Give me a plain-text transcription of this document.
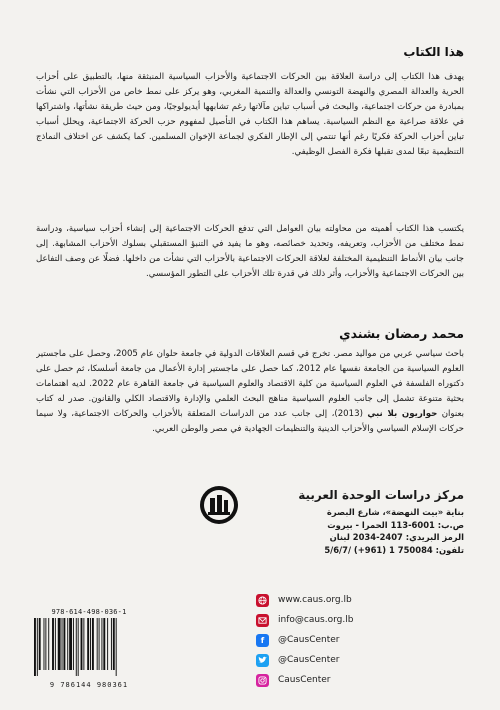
هذا الكتاب
يهدف هذا الكتاب إلى دراسة العلاقة بين الحركات الاجتماعية والأحزاب السياسية المنبثقة منها، بالتطبيق على أحزاب الحرية والعدالة المصري والنهضة التونسي والعدالة والتنمية المغربي، وهو يركز على نمط خاص من الأحزاب التي نشأت بمبادرة من حركات اجتماعية، والبحث في أسباب تباين مآلاتها رغم تشابهها أيديولوجيًا، ومن حيث طريقة نشأتها، واشتراكها في علاقة صراعية مع النظم السياسية. يساهم هذا الكتاب في التأصيل لمفهوم حزب الحركة الاجتماعية، ويحلل أسباب تباين أحزاب الحركة فكريًا رغم أنها تنتمي إلى الإطار الفكري لجماعة الإخوان المسلمين. كما يكشف عن اختلاف النماذج التنظيمية تبعًا لمدى تقبلها فكرة الفصل الوظيفي.
يكتسب هذا الكتاب أهميته من محاولته بيان العوامل التي تدفع الحركات الاجتماعية إلى إنشاء أحزاب سياسية، ودراسة نمط مختلف من الأحزاب، وتعريفه، وتحديد خصائصه، وهو ما يفيد في التنبؤ المستقبلي بسلوك الأحزاب المشابهة. إلى جانب بيان الأنماط التنظيمية المختلفة لعلاقة الحركات الاجتماعية بالأحزاب التي نشأت من داخلها. فضلًا عن وصف التفاعل بين الحركات الاجتماعية والأحزاب، وأثر ذلك في قدرة تلك الأحزاب على التطور المؤسسي.
محمد رمضان بشندي
باحث سياسي عربي من مواليد مصر. تخرج في قسم العلاقات الدولية في جامعة حلوان عام 2005، وحصل على ماجستير العلوم السياسية من الجامعة نفسها عام 2012، كما حصل على ماجستير إدارة الأعمال من جامعة أسلسكا، ثم حصل على دكتوراه الفلسفة في العلوم السياسية من كلية الاقتصاد والعلوم السياسية في جامعة القاهرة عام 2022. لديه اهتمامات بحثية متنوعة تشمل إلى جانب العلوم السياسية مناهج البحث العلمي والإدارة والاقتصاد الكلي والقانون. صدر له كتاب بعنوان حواريون بلا نبي (2013)، إلى جانب عدد من الدراسات المتعلقة بالأحزاب والحركات الاجتماعية، ولا سيما حركات الإسلام السياسي والأحزاب الدينية والتنظيمات الجهادية في مصر والوطن العربي.
مركز دراسات الوحدة العربية
بناية «بيت النهضة»، شارع البصرة
ص.ب: 6001-113 الحمرا - بيروت
الرمز البريدي: 2407-2034 لبنان
تلفون: 750084 1 (961+) /5/6/7
www.caus.org.lb
info@caus.org.lb
f	@CausCenter
@CausCenter
CausCenter
978-614-498-036-1
9 786144 980361
